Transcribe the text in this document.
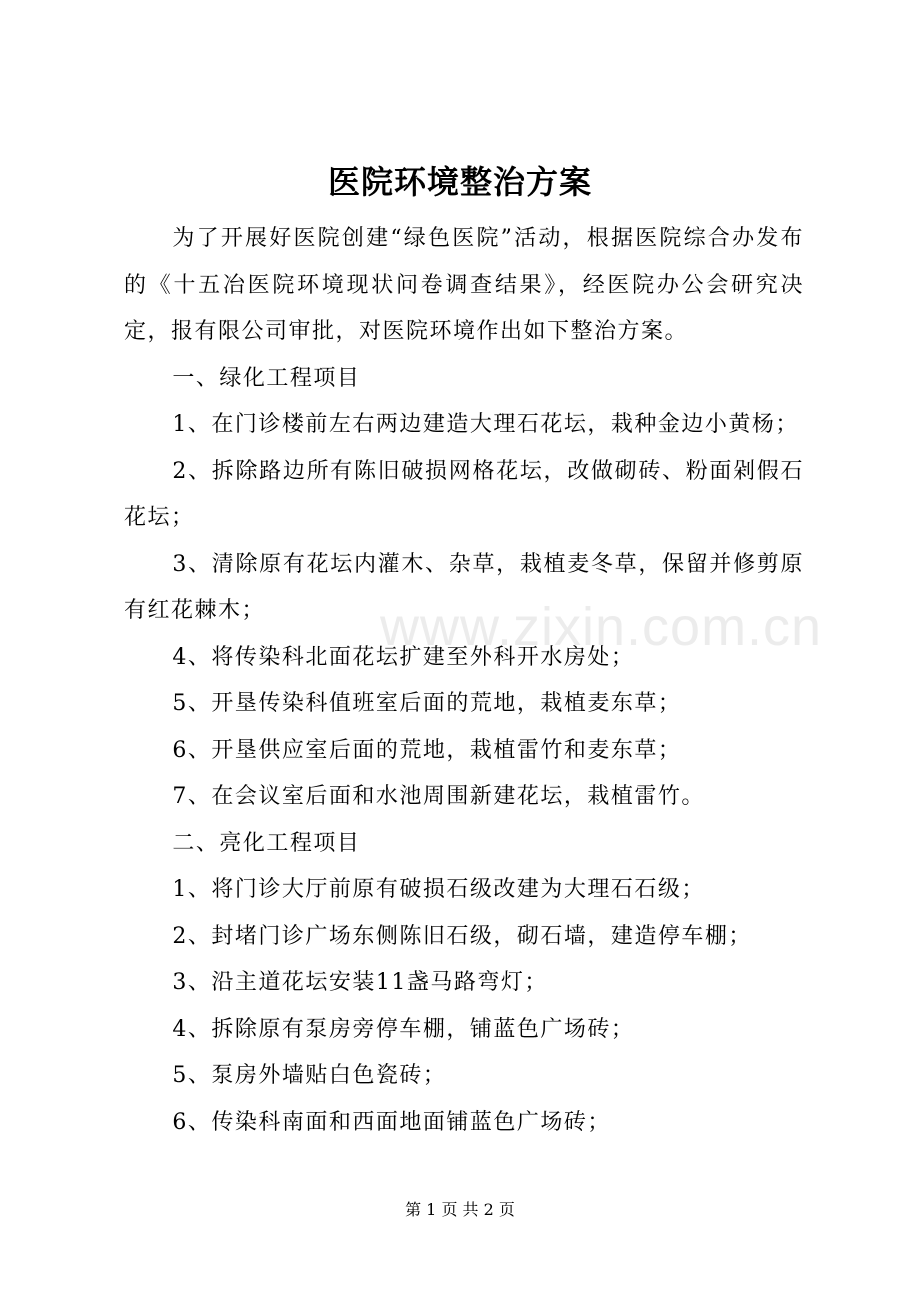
医院环境整治方案

为了开展好医院创建“绿色医院”活动，根据医院综合办发布的《十五冶医院环境现状问卷调查结果》，经医院办公会研究决定，报有限公司审批，对医院环境作出如下整治方案。

一、绿化工程项目

1、在门诊楼前左右两边建造大理石花坛，栽种金边小黄杨；

2、拆除路边所有陈旧破损网格花坛，改做砌砖、粉面剁假石花坛；

3、清除原有花坛内灌木、杂草，栽植麦冬草，保留并修剪原有红花棘木；

4、将传染科北面花坛扩建至外科开水房处；

5、开垦传染科值班室后面的荒地，栽植麦东草；

6、开垦供应室后面的荒地，栽植雷竹和麦东草；

7、在会议室后面和水池周围新建花坛，栽植雷竹。

二、亮化工程项目

1、将门诊大厅前原有破损石级改建为大理石石级；

2、封堵门诊广场东侧陈旧石级，砌石墙，建造停车棚；

3、沿主道花坛安装11盏马路弯灯；

4、拆除原有泵房旁停车棚，铺蓝色广场砖；

5、泵房外墙贴白色瓷砖；

6、传染科南面和西面地面铺蓝色广场砖；

www.zixin.com.cn
第 1 页 共 2 页
